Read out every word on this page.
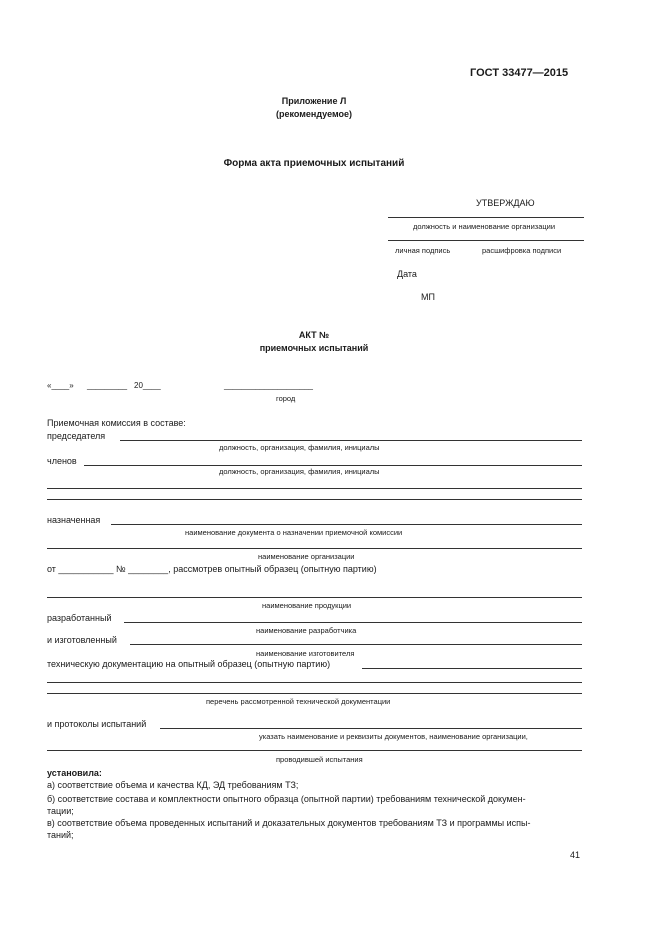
ГОСТ 33477—2015
Приложение Л
(рекомендуемое)
Форма акта приемочных испытаний
УТВЕРЖДАЮ
должность и наименование организации
личная подпись	расшифровка подписи
Дата
МП
АКТ №
приемочных испытаний
«____» _________ 20____	____________________
город
Приемочная комиссия в составе:
председателя
должность, организация, фамилия, инициалы
членов
должность, организация, фамилия, инициалы
назначенная
наименование документа о назначении приемочной комиссии
наименование организации
от ___________ № ________, рассмотрев опытный образец (опытную партию)
наименование продукции
разработанный
наименование разработчика
и изготовленный
наименование изготовителя
техническую документацию на опытный образец (опытную партию)
перечень рассмотренной технической документации
и протоколы испытаний
указать наименование и реквизиты документов, наименование организации,
проводившей испытания
установила:
а) соответствие объема и качества КД, ЭД требованиям ТЗ;
б) соответствие состава и комплектности опытного образца (опытной партии) требованиям технической докумен-
тации;
в) соответствие объема проведенных испытаний и доказательных документов требованиям ТЗ и программы испы-
таний;
41
